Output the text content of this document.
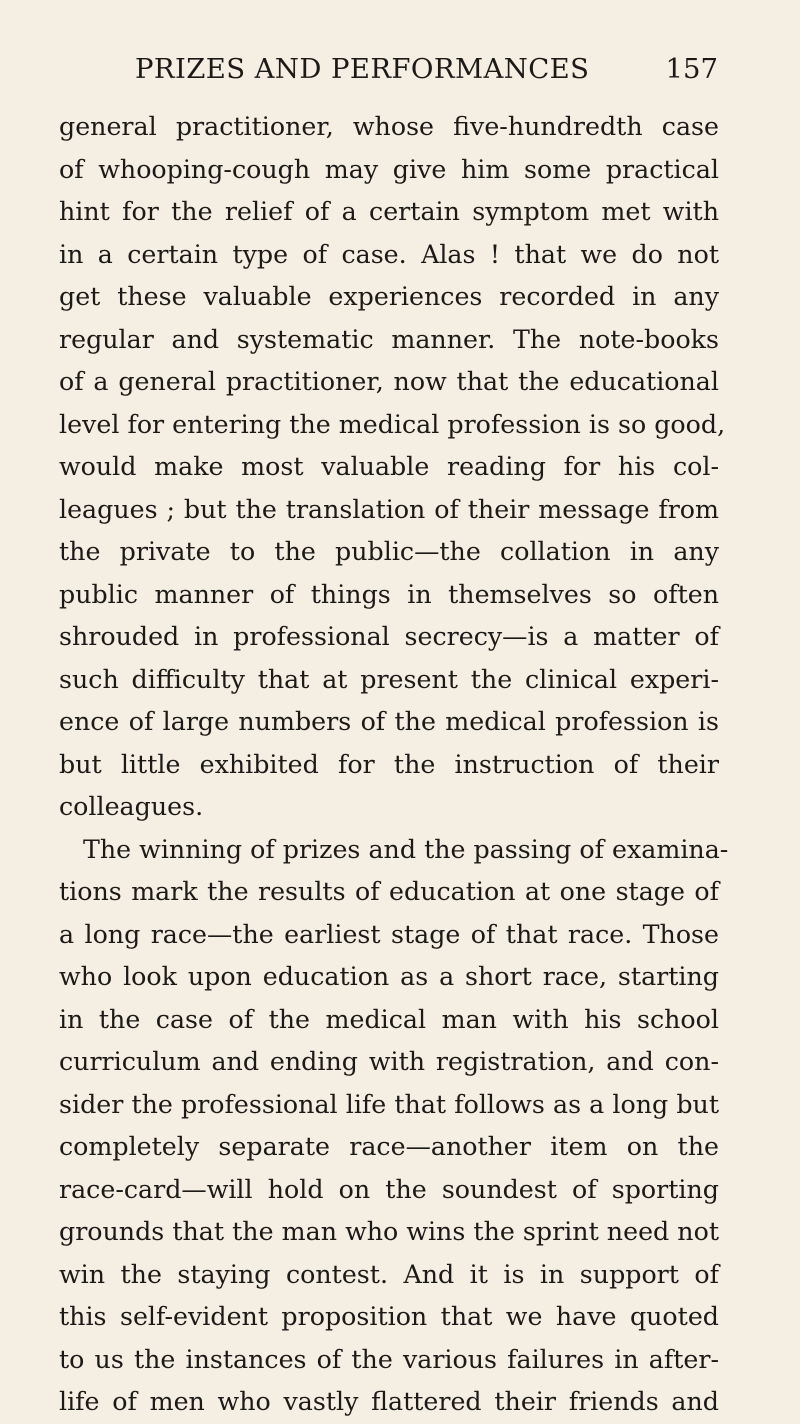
PRIZES AND PERFORMANCES	157
general practitioner, whose five-hundredth case
of whooping-cough may give him some practical
hint for the relief of a certain symptom met with
in a certain type of case. Alas ! that we do not
get these valuable experiences recorded in any
regular and systematic manner. The note-books
of a general practitioner, now that the educational
level for entering the medical profession is so good,
would make most valuable reading for his col-
leagues ; but the translation of their message from
the private to the public—the collation in any
public manner of things in themselves so often
shrouded in professional secrecy—is a matter of
such difficulty that at present the clinical experi-
ence of large numbers of the medical profession is
but little exhibited for the instruction of their
colleagues.
The winning of prizes and the passing of examina-
tions mark the results of education at one stage of
a long race—the earliest stage of that race. Those
who look upon education as a short race, starting
in the case of the medical man with his school
curriculum and ending with registration, and con-
sider the professional life that follows as a long but
completely separate race—another item on the
race-card—will hold on the soundest of sporting
grounds that the man who wins the sprint need not
win the staying contest. And it is in support of
this self-evident proposition that we have quoted
to us the instances of the various failures in after-
life of men who vastly flattered their friends and
